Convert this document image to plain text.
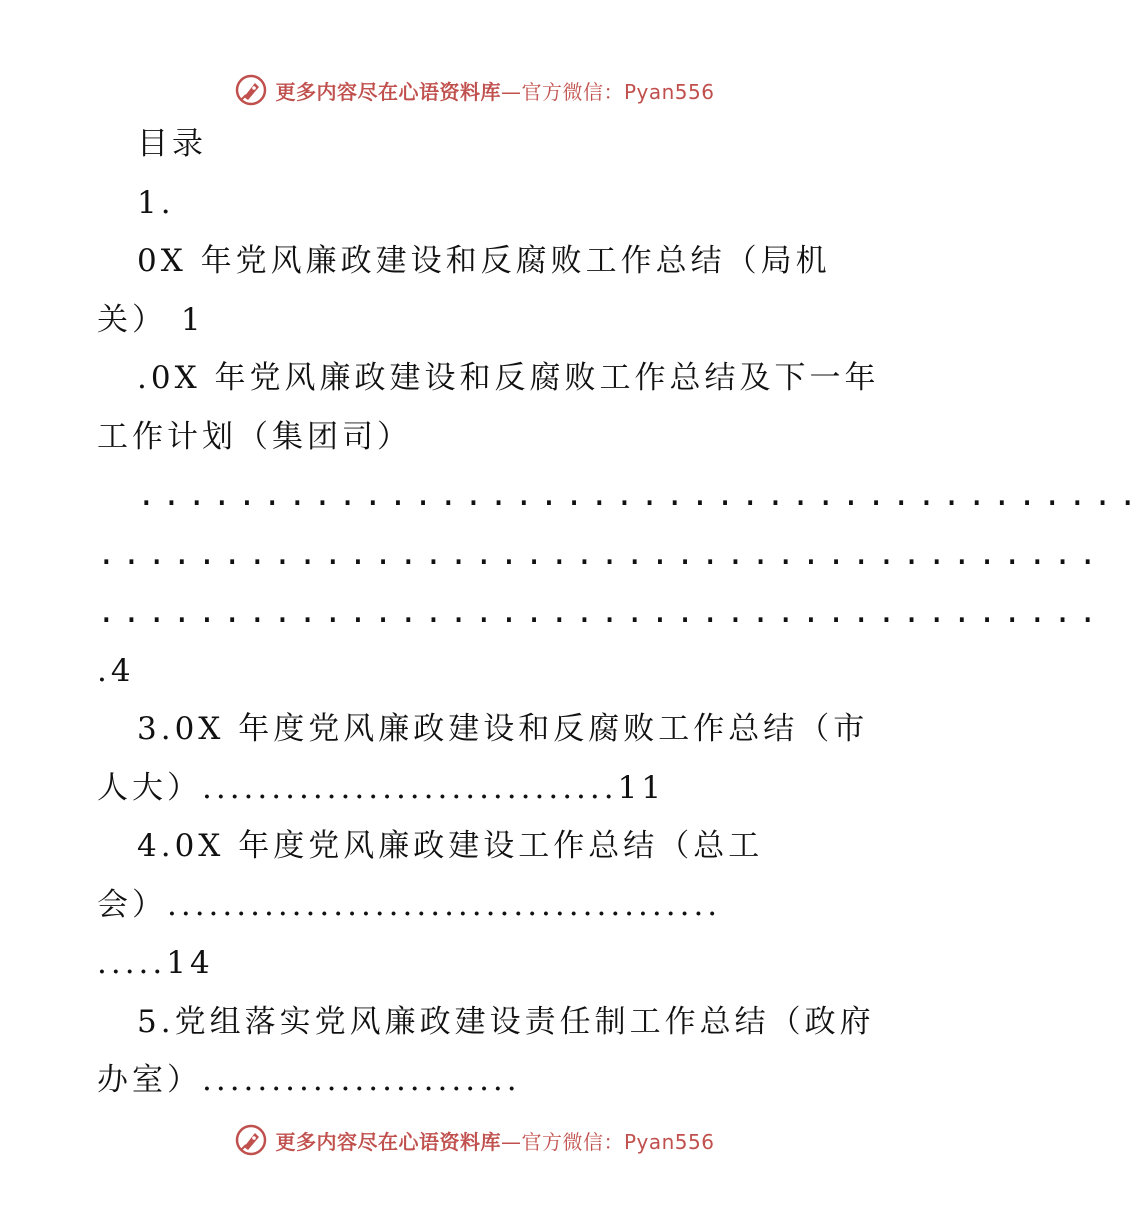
更多内容尽在心语资料库—官方微信：Pyan556
目录
1.
0X 年党风廉政建设和反腐败工作总结（局机
关） 1
.0X 年党风廉政建设和反腐败工作总结及下一年
工作计划（集团司）
........................................
........................................
........................................
.4
3.0X 年度党风廉政建设和反腐败工作总结（市
人大）..............................11
4.0X 年度党风廉政建设工作总结（总工
会）........................................
.....14
5.党组落实党风廉政建设责任制工作总结（政府
办室）.......................
更多内容尽在心语资料库—官方微信：Pyan556
